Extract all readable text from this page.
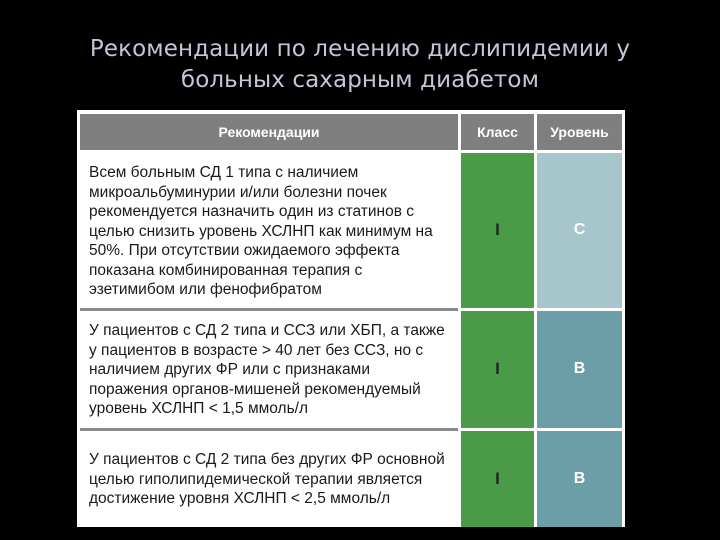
Рекомендации по лечению дислипидемии у больных сахарным диабетом
Рекомендации	Класс	Уровень
Всем больным СД 1 типа с наличием микроальбуминурии и/или болезни почек рекомендуется назначить один из статинов с целью снизить уровень ХСЛНП как минимум на 50%. При отсутствии ожидаемого эффекта показана комбинированная терапия с эзетимибом или фенофибратом	I	C

У пациентов с СД 2 типа и ССЗ или ХБП, а также у пациентов в возрасте > 40 лет без ССЗ, но с наличием других ФР или с признаками поражения органов-мишеней рекомендуемый уровень ХСЛНП < 1,5 ммоль/л	I	B

У пациентов с СД 2 типа без других ФР основной целью гиполипидемической терапии является достижение уровня ХСЛНП < 2,5 ммоль/л	I	B
